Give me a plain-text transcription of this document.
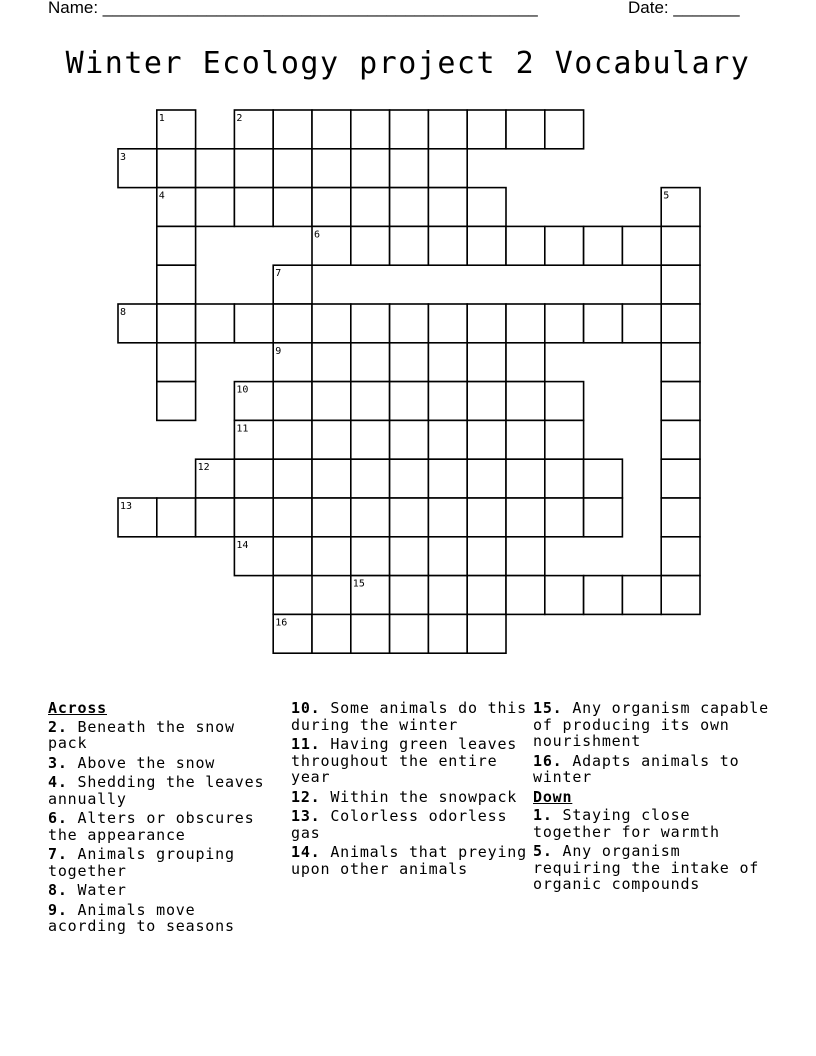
Name: ______________________________________________	Date: _______
Winter Ecology project 2 Vocabulary
1	2
3
4	5
6
7
8
9
10
11
12
13
14
15
16
Across
2. Beneath the snow pack
3. Above the snow
4. Shedding the leaves annually
6. Alters or obscures the appearance
7. Animals grouping together
8. Water
9. Animals move acording to seasons
10. Some animals do this during the winter
11. Having green leaves throughout the entire year
12. Within the snowpack
13. Colorless odorless gas
14. Animals that preying upon other animals
15. Any organism capable of producing its own nourishment
16. Adapts animals to winter
Down
1. Staying close together for warmth
5. Any organism requiring the intake of organic compounds
